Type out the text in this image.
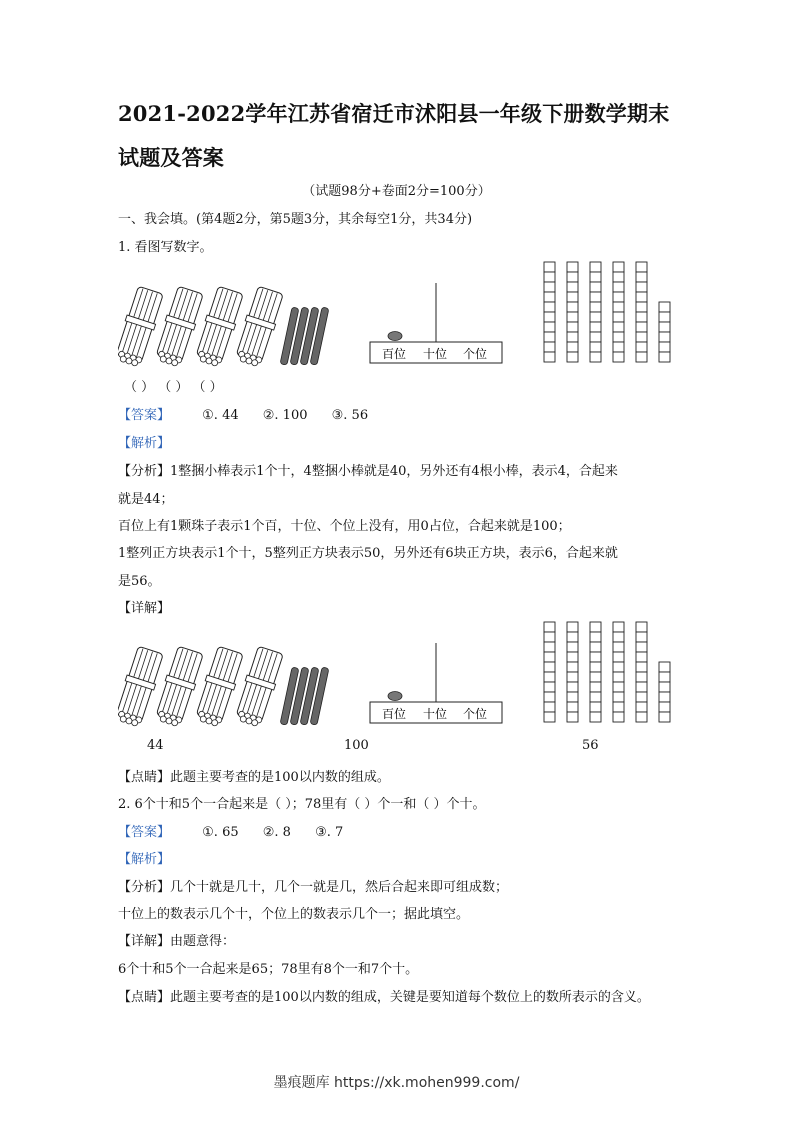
2021-2022学年江苏省宿迁市沭阳县一年级下册数学期末试题及答案
（试题98分+卷面2分=100分）
一、我会填。(第4题2分，第5题3分，其余每空1分，共34分)
1. 看图写数字。
百位 十位 个位
（ ） （ ） （ ）
【答案】 ①. 44 ②. 100 ③. 56
【解析】
【分析】1整捆小棒表示1个十，4整捆小棒就是40，另外还有4根小棒，表示4，合起来
就是44；
百位上有1颗珠子表示1个百，十位、个位上没有，用0占位，合起来就是100；
1整列正方块表示1个十，5整列正方块表示50，另外还有6块正方块，表示6，合起来就
是56。
【详解】
百位 十位 个位
44	100	56
【点睛】此题主要考查的是100以内数的组成。
2. 6个十和5个一合起来是（ ）；78里有（ ）个一和（ ）个十。
【答案】 ①. 65 ②. 8 ③. 7
【解析】
【分析】几个十就是几十，几个一就是几，然后合起来即可组成数；
十位上的数表示几个十，个位上的数表示几个一；据此填空。
【详解】由题意得：
6个十和5个一合起来是65；78里有8个一和7个十。
【点睛】此题主要考查的是100以内数的组成，关键是要知道每个数位上的数所表示的含义。
墨痕题库 https://xk.mohen999.com/
